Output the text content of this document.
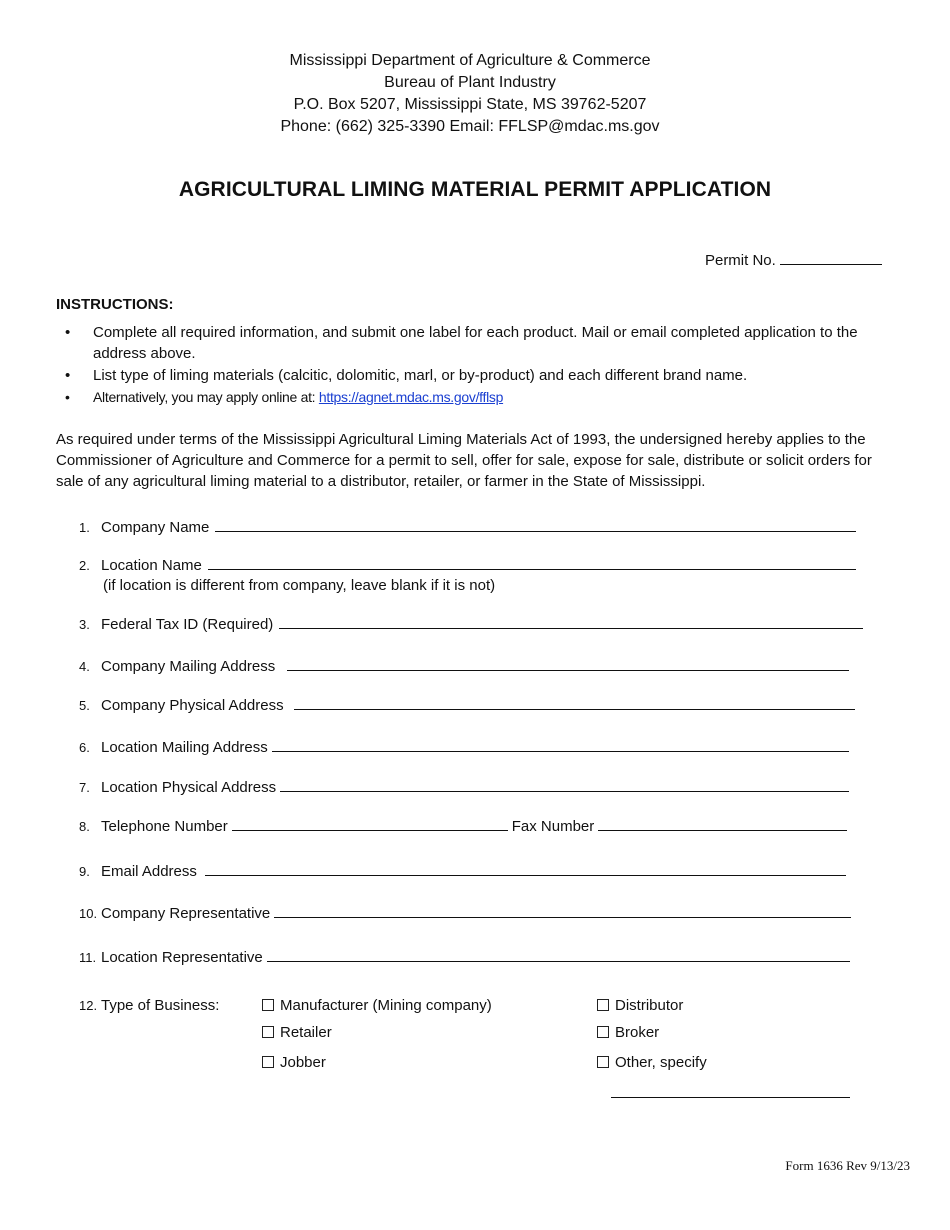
Mississippi Department of Agriculture & Commerce
Bureau of Plant Industry
P.O. Box 5207, Mississippi State, MS 39762-5207
Phone: (662) 325-3390 Email: FFLSP@mdac.ms.gov
AGRICULTURAL LIMING MATERIAL PERMIT APPLICATION
Permit No.
INSTRUCTIONS:
• Complete all required information, and submit one label for each product. Mail or email completed application to the address above.
• List type of liming materials (calcitic, dolomitic, marl, or by-product) and each different brand name.
• Alternatively, you may apply online at: https://agnet.mdac.ms.gov/fflsp
As required under terms of the Mississippi Agricultural Liming Materials Act of 1993, the undersigned hereby applies to the Commissioner of Agriculture and Commerce for a permit to sell, offer for sale, expose for sale, distribute or solicit orders for sale of any agricultural liming material to a distributor, retailer, or farmer in the State of Mississippi.
1. Company Name
2. Location Name
(if location is different from company, leave blank if it is not)
3. Federal Tax ID (Required)
4. Company Mailing Address
5. Company Physical Address
6. Location Mailing Address
7. Location Physical Address
8. Telephone Number	Fax Number
9. Email Address
10. Company Representative
11. Location Representative
12. Type of Business:	Manufacturer (Mining company)
Retailer
Jobber
Distributor
Broker
Other, specify
Form 1636 Rev 9/13/23
